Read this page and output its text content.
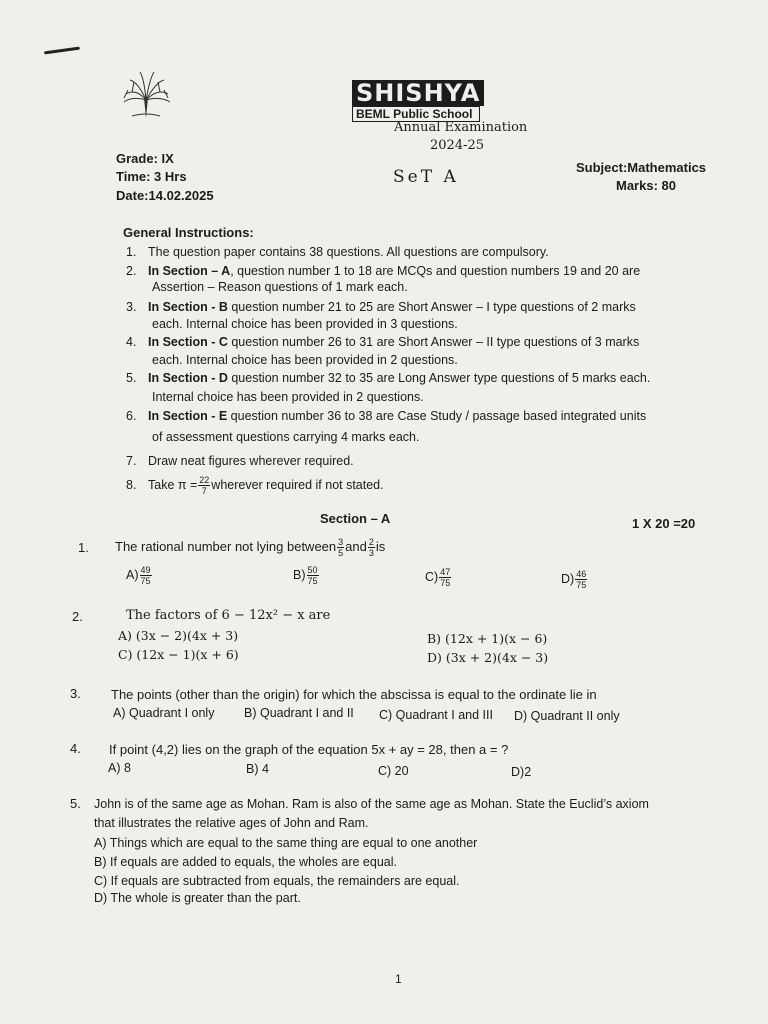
SHISHYA
BEML Public School
Annual Examination
2024-25
Grade: IX
Time: 3 Hrs
Date:14.02.2025
SeT A	Subject:Mathematics
Marks: 80
General Instructions:
1. The question paper contains 38 questions. All questions are compulsory.
2. In Section – A, question number 1 to 18 are MCQs and question numbers 19 and 20 are
Assertion – Reason questions of 1 mark each.
3. In Section - B question number 21 to 25 are Short Answer – I type questions of 2 marks
each. Internal choice has been provided in 3 questions.
4. In Section - C question number 26 to 31 are Short Answer – II type questions of 3 marks
each. Internal choice has been provided in 2 questions.
5. In Section - D question number 32 to 35 are Long Answer type questions of 5 marks each.
Internal choice has been provided in 2 questions.
6. In Section - E question number 36 to 38 are Case Study / passage based integrated units
of assessment questions carrying 4 marks each.
7. Draw neat figures wherever required.
8. Take $\pi = \frac{22}{7}$ wherever required if not stated.
Section – A	1 X 20 =20
1. The rational number not lying between $\frac{3}{5}$ and $\frac{2}{3}$ is
$A) \frac{49}{75}$	$B) \frac{50}{75}$	$C) \frac{47}{75}$	$D) \frac{46}{75}$
2.	The factors of 6 − 12x² − x are
A) (3x − 2)(4x + 3)	B) (12x + 1)(x − 6)
C) (12x − 1)(x + 6)	D) (3x + 2)(4x − 3)
3. The points (other than the origin) for which the abscissa is equal to the ordinate lie in
A) Quadrant I only B) Quadrant I and II C) Quadrant I and III D) Quadrant II only
4. If point (4,2) lies on the graph of the equation 5x + ay = 28, then a = ?
A) 8	B) 4	C) 20	D)2
5. John is of the same age as Mohan. Ram is also of the same age as Mohan. State the Euclid’s axiom
that illustrates the relative ages of John and Ram.
A) Things which are equal to the same thing are equal to one another
B) If equals are added to equals, the wholes are equal.
C) If equals are subtracted from equals, the remainders are equal.
D) The whole is greater than the part.
1
